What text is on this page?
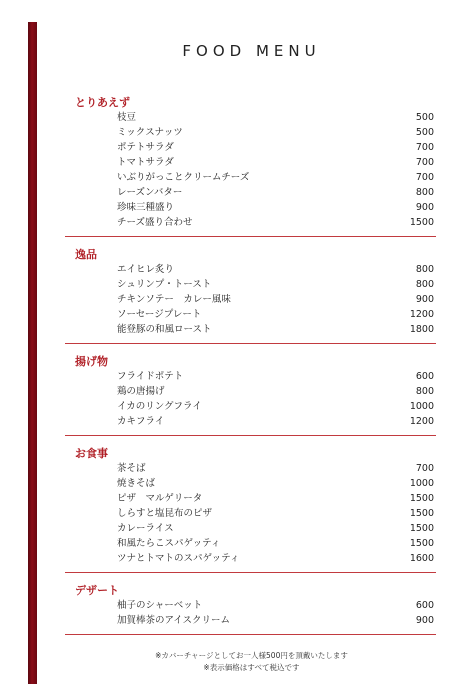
FOOD MENU
とりあえず
枝豆	500
ミックスナッツ	500
ポテトサラダ	700
トマトサラダ	700
いぶりがっことクリームチーズ	700
レーズンバター	800
珍味三種盛り	900
チーズ盛り合わせ	1500
逸品
エイヒレ炙り	800
シュリンプ・トースト	800
チキンソテー　カレー風味	900
ソーセージプレート	1200
能登豚の和風ロースト	1800
揚げ物
フライドポテト	600
鶏の唐揚げ	800
イカのリングフライ	1000
カキフライ	1200
お食事
茶そば	700
焼きそば	1000
ピザ　マルゲリータ	1500
しらすと塩昆布のピザ	1500
カレーライス	1500
和風たらこスパゲッティ	1500
ツナとトマトのスパゲッティ	1600
デザート
柚子のシャーベット	600
加賀棒茶のアイスクリーム	900
※カバーチャージとしてお一人様500円を頂戴いたします
※表示価格はすべて税込です
